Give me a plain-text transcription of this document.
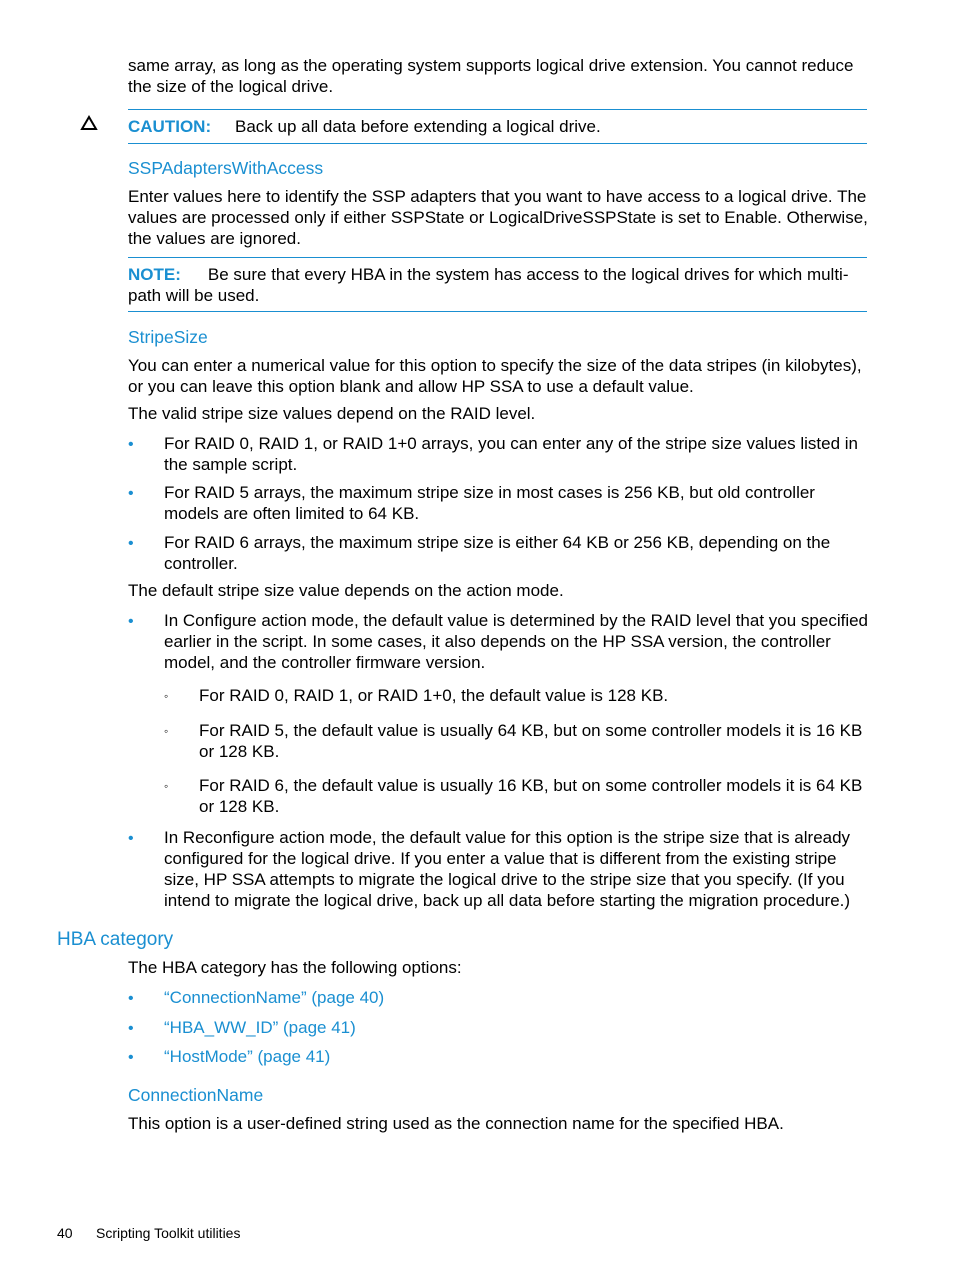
same array, as long as the operating system supports logical drive extension. You cannot reduce the size of the logical drive.

CAUTION: Back up all data before extending a logical drive.
SSPAdaptersWithAccess

Enter values here to identify the SSP adapters that you want to have access to a logical drive. The values are processed only if either SSPState or LogicalDriveSSPState is set to Enable. Otherwise, the values are ignored.

NOTE: Be sure that every HBA in the system has access to the logical drives for which multi-path will be used.

StripeSize

You can enter a numerical value for this option to specify the size of the data stripes (in kilobytes), or you can leave this option blank and allow HP SSA to use a default value.

The valid stripe size values depend on the RAID level.

• For RAID 0, RAID 1, or RAID 1+0 arrays, you can enter any of the stripe size values listed in the sample script.

• For RAID 5 arrays, the maximum stripe size in most cases is 256 KB, but old controller models are often limited to 64 KB.

• For RAID 6 arrays, the maximum stripe size is either 64 KB or 256 KB, depending on the controller.

The default stripe size value depends on the action mode.

• In Configure action mode, the default value is determined by the RAID level that you specified earlier in the script. In some cases, it also depends on the HP SSA version, the controller model, and the controller firmware version.

◦ For RAID 0, RAID 1, or RAID 1+0, the default value is 128 KB.

◦ For RAID 5, the default value is usually 64 KB, but on some controller models it is 16 KB or 128 KB.

◦ For RAID 6, the default value is usually 16 KB, but on some controller models it is 64 KB or 128 KB.

• In Reconfigure action mode, the default value for this option is the stripe size that is already configured for the logical drive. If you enter a value that is different from the existing stripe size, HP SSA attempts to migrate the logical drive to the stripe size that you specify. (If you intend to migrate the logical drive, back up all data before starting the migration procedure.)

HBA category

The HBA category has the following options:

• “ConnectionName” (page 40)
• “HBA_WW_ID” (page 41)
• “HostMode” (page 41)
ConnectionName

This option is a user-defined string used as the connection name for the specified HBA.

40 Scripting Toolkit utilities
